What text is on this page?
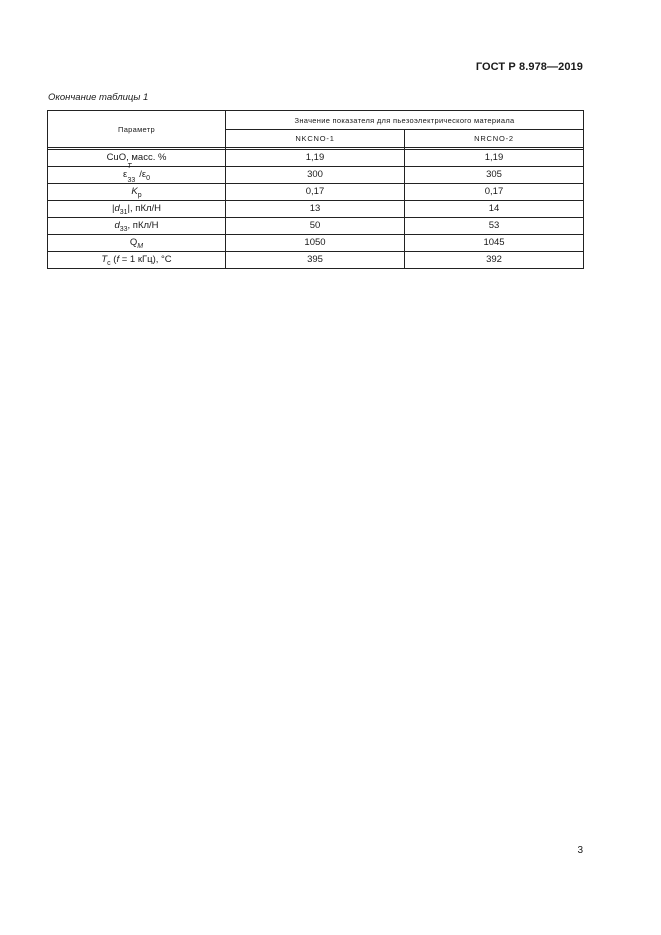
ГОСТ Р 8.978—2019
Окончание таблицы 1
Параметр	Значение показателя для пьезоэлектрического материала	
	NKCNO-1	NRCNO-2

CuO, масс. %	1,19	1,19
$\varepsilon^T_{33}/\varepsilon_0$	300	305
$K_p$	0,17	0,17
$|d_{31}|$, пКл/Н	13	14
$d_{33}$, пКл/Н	50	53
$Q_M$	1050	1045
$T_c$ (f = 1 кГц), °С	395	392
3
